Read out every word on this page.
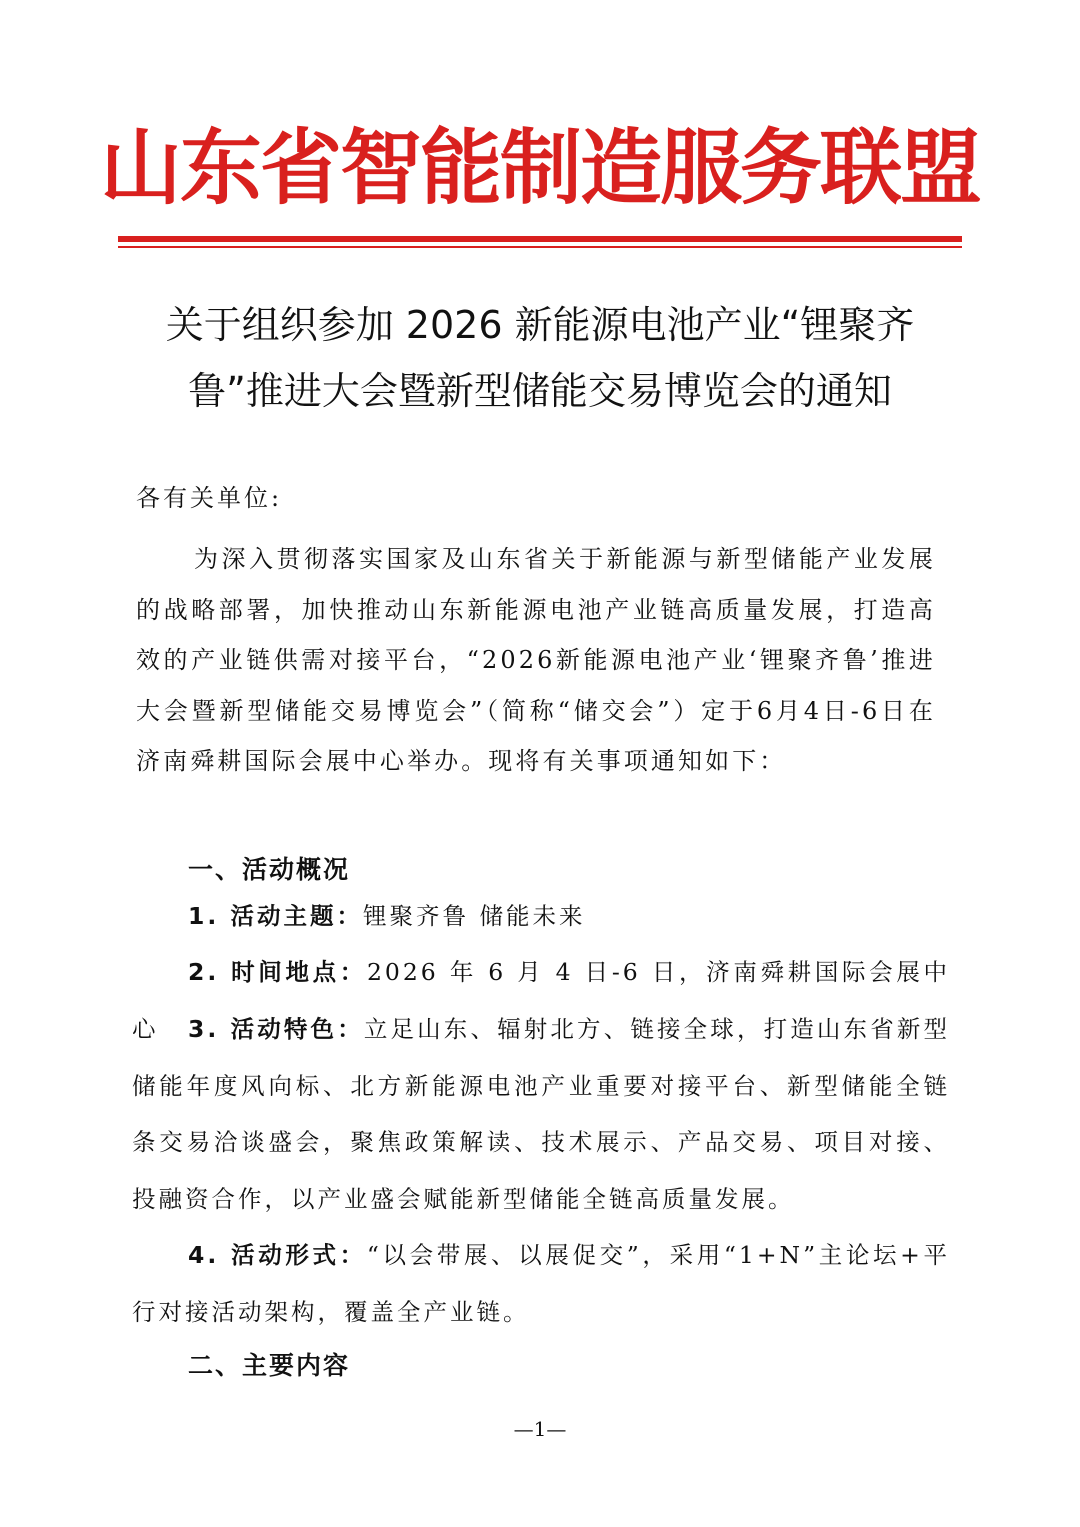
山东省智能制造服务联盟
关于组织参加 2026 新能源电池产业“锂聚齐
鲁”推进大会暨新型储能交易博览会的通知
各有关单位:

为深入贯彻落实国家及山东省关于新能源与新型储能产业发展的战略部署，加快推动山东新能源电池产业链高质量发展，打造高效的产业链供需对接平台，“2026新能源电池产业‘锂聚齐鲁’推进大会暨新型储能交易博览会”（简称“储交会”）定于6月4日-6日在济南舜耕国际会展中心举办。现将有关事项通知如下：

一、活动概况

1. 活动主题：锂聚齐鲁 储能未来

2. 时间地点：2026 年 6 月 4 日-6 日，济南舜耕国际会展中心	3. 活动特色：立足山东、辐射北方、链接全球，打造山东省新型储能年度风向标、北方新能源电池产业重要对接平台、新型储能全链条交易洽谈盛会，聚焦政策解读、技术展示、产品交易、项目对接、投融资合作，以产业盛会赋能新型储能全链高质量发展。

4. 活动形式：“以会带展、以展促交”，采用“1+N”主论坛+平行对接活动架构，覆盖全产业链。

二、主要内容
—1—
